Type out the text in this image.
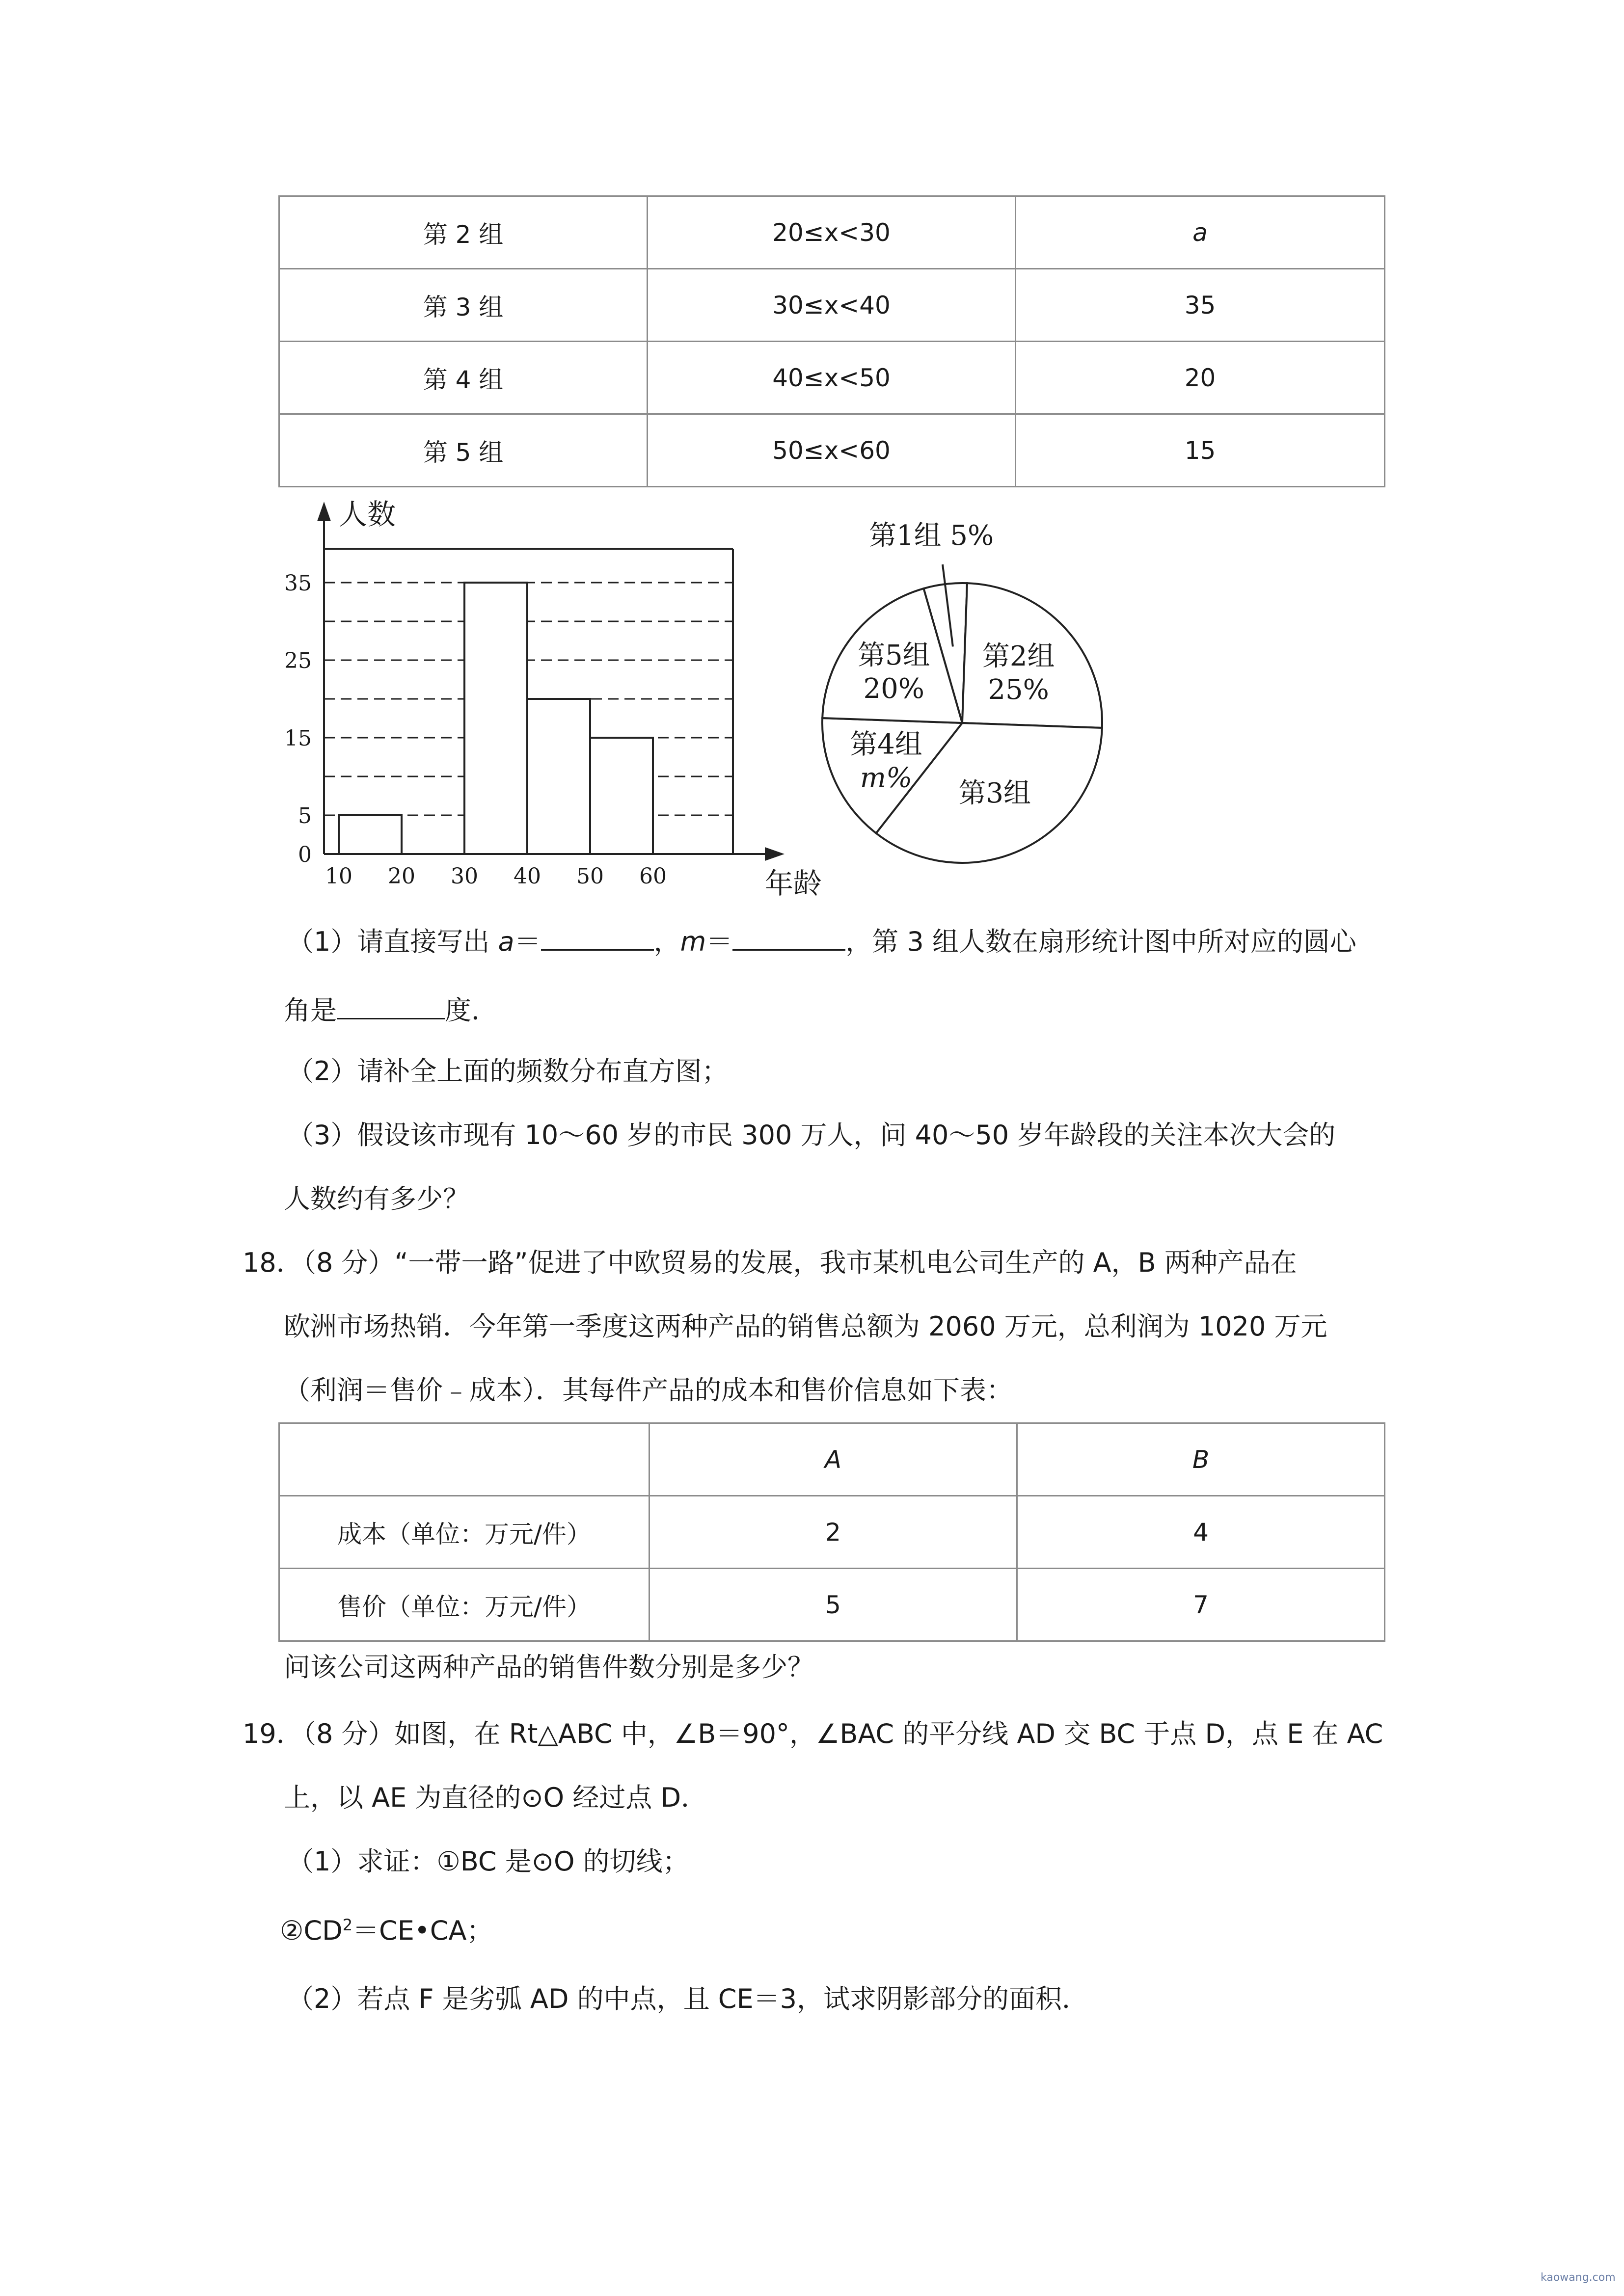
第 2 组	20≤x<30	a
第 3 组	30≤x<40	35
第 4 组	40≤x<50	20
第 5 组	50≤x<60	15
0
5
15
25
35
10 20 30 40 50 60
人数
年龄
第1组 5%
第2组
25%
第3组
第4组
m%
第5组
20%
（1）请直接写出 a＝	，m＝	，第 3 组人数在扇形统计图中所对应的圆心
角是	度．
（2）请补全上面的频数分布直方图；
（3）假设该市现有 10～60 岁的市民 300 万人，问 40～50 岁年龄段的关注本次大会的
人数约有多少？
18．
（8 分）“一带一路”促进了中欧贸易的发展，我市某机电公司生产的 A，B 两种产品在
欧洲市场热销．今年第一季度这两种产品的销售总额为 2060 万元，总利润为 1020 万元
（利润＝售价﹣成本）．其每件产品的成本和售价信息如下表：
	A	B
成本（单位：万元/件）	2	4
售价（单位：万元/件）	5	7
问该公司这两种产品的销售件数分别是多少？
19．
（8 分）如图，在 Rt△ABC 中，∠B＝90°，∠BAC 的平分线 AD 交 BC 于点 D，点 E 在 AC
上，以 AE 为直径的⊙O 经过点 D．
（1）求证：①BC 是⊙O 的切线；
$②CD^2=CE•CA$；
（2）若点 F 是劣弧 AD 的中点，且 CE＝3，试求阴影部分的面积．
kaowang.com
